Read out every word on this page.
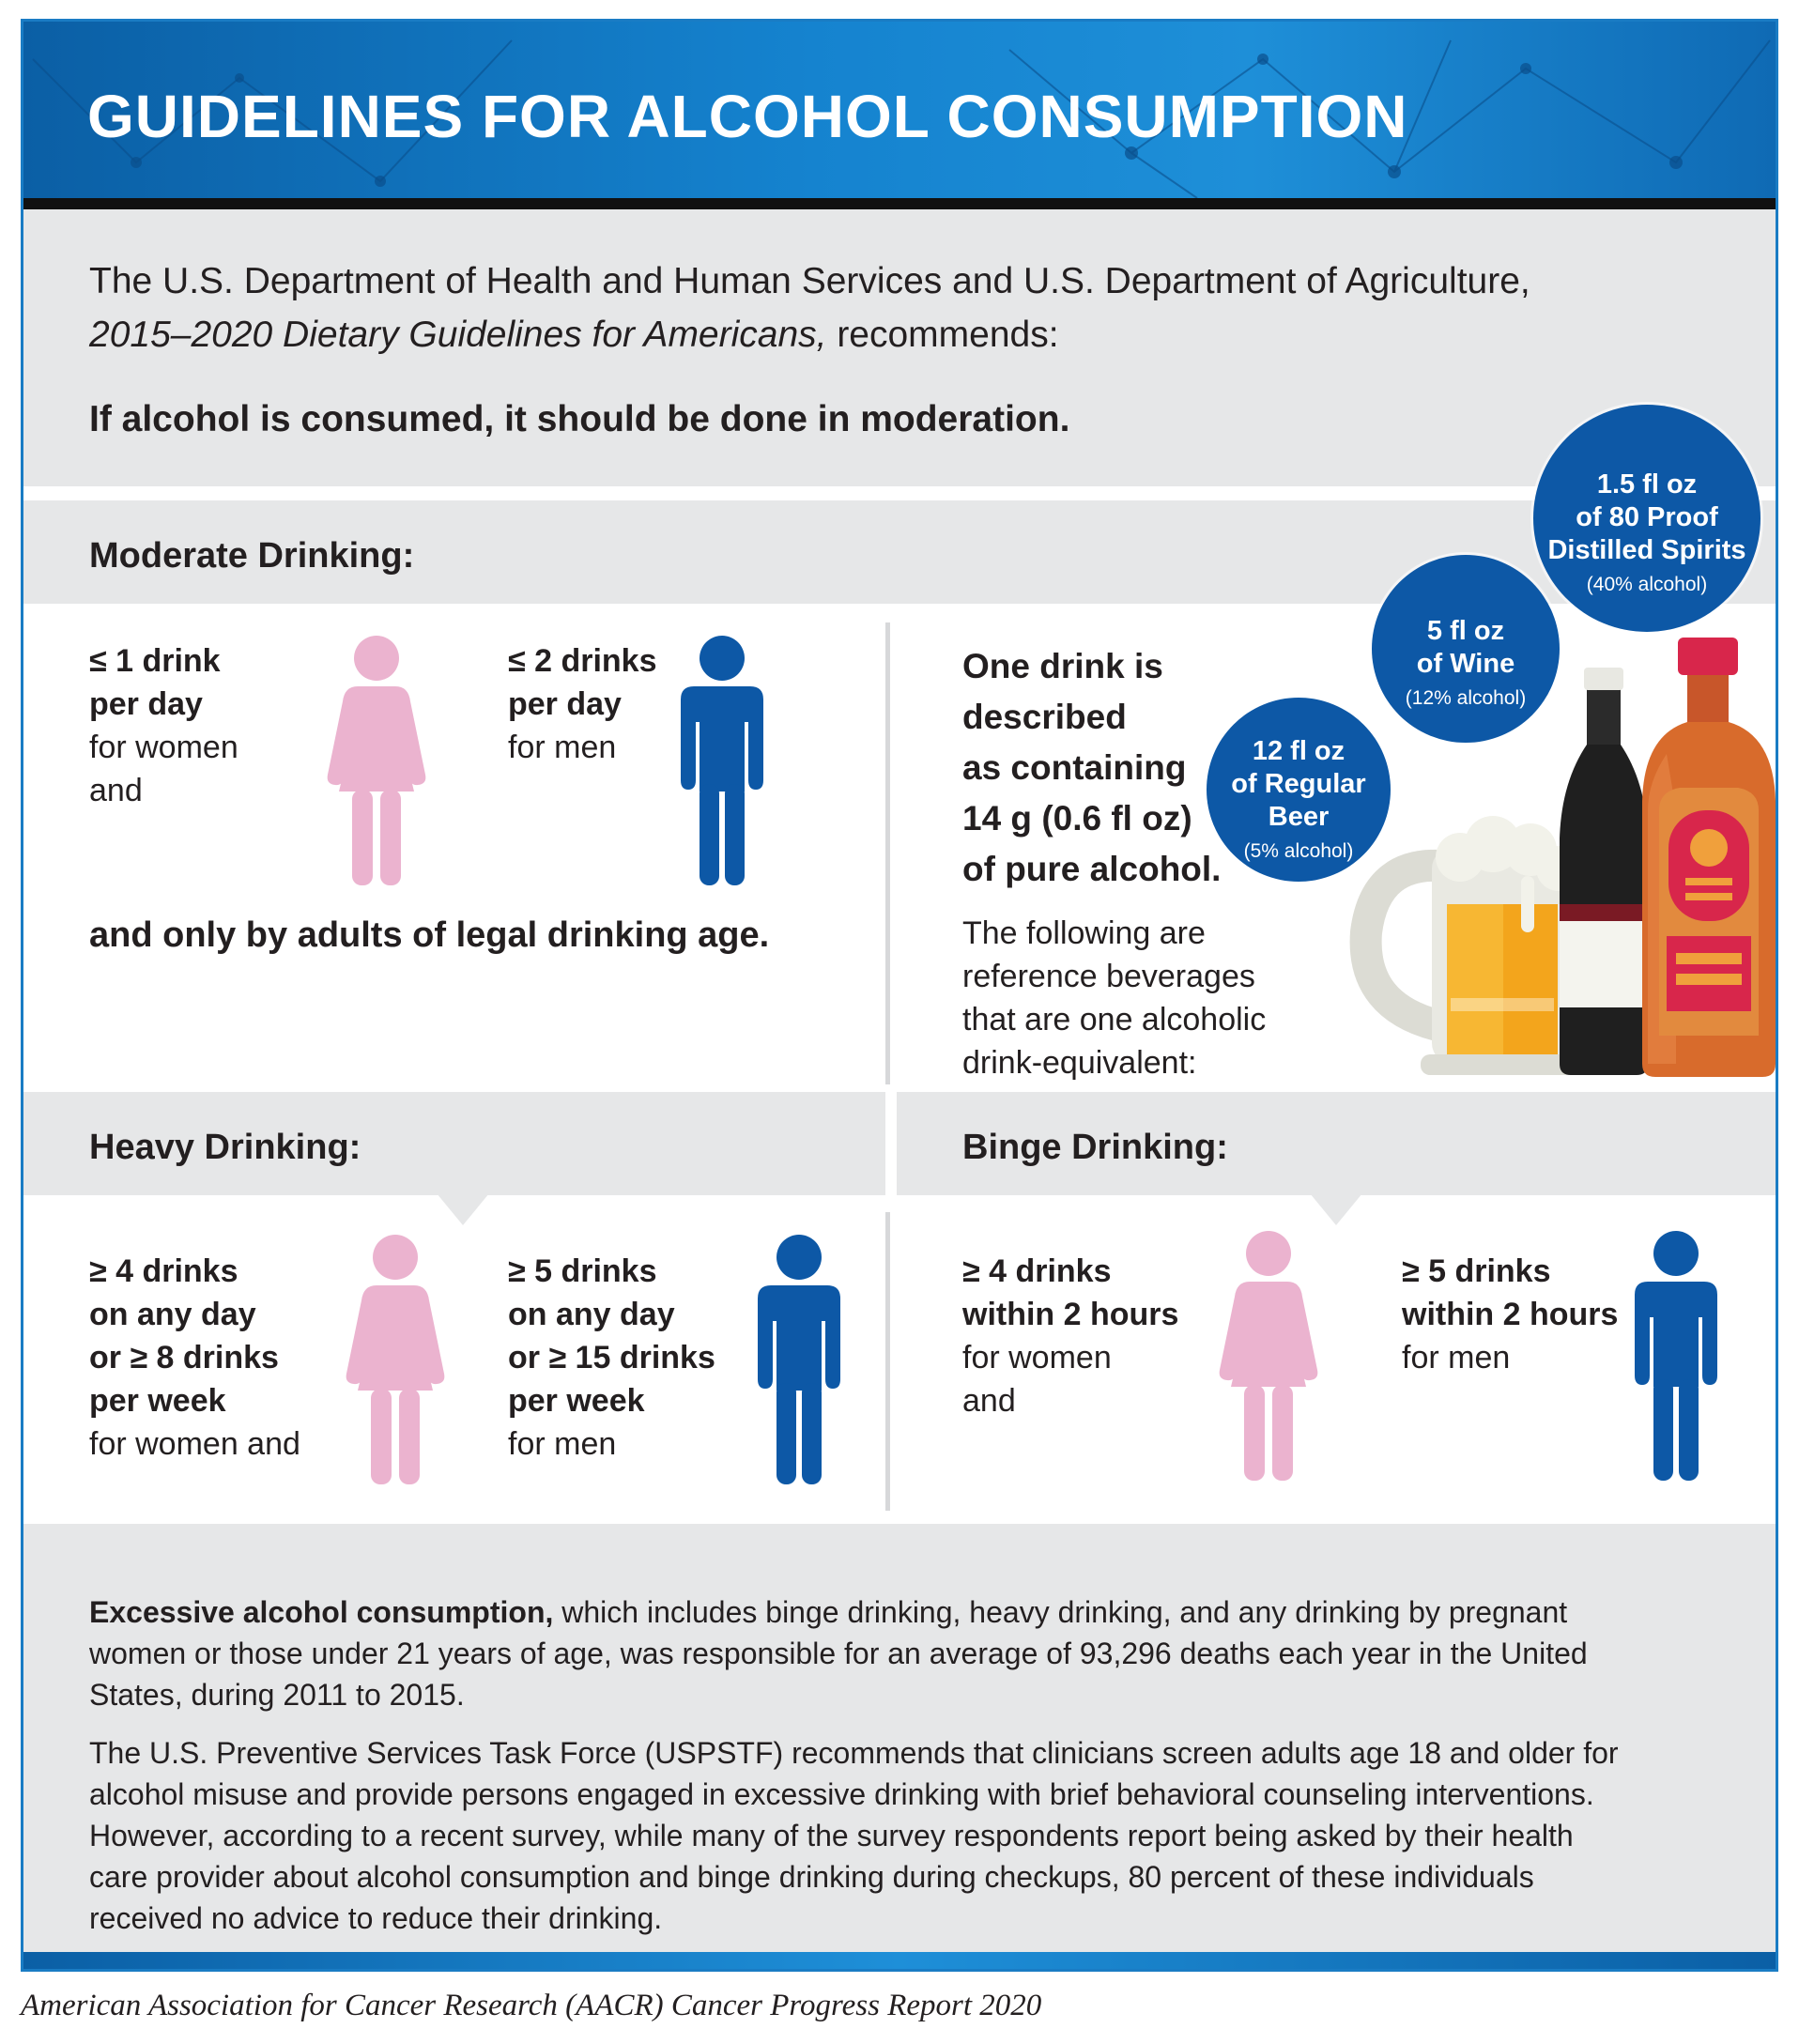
GUIDELINES FOR ALCOHOL CONSUMPTION
The U.S. Department of Health and Human Services and U.S. Department of Agriculture,
2015–2020 Dietary Guidelines for Americans, recommends:
If alcohol is consumed, it should be done in moderation.
Moderate Drinking:
≤ 1 drink
per day
for women
and
≤ 2 drinks
per day
for men
and only by adults of legal drinking age.
One drink is
described
as containing
14 g (0.6 fl oz)
of pure alcohol.
The following are
reference beverages
that are one alcoholic
drink-equivalent:
12 fl oz
of Regular
Beer
(5% alcohol)
5 fl oz
of Wine
(12% alcohol)
1.5 fl oz
of 80 Proof
Distilled Spirits
(40% alcohol)
Heavy Drinking:	Binge Drinking:
≥ 4 drinks
on any day
or ≥ 8 drinks
per week
for women and
≥ 5 drinks
on any day
or ≥ 15 drinks
per week
for men
≥ 4 drinks
within 2 hours
for women
and
≥ 5 drinks
within 2 hours
for men
Excessive alcohol consumption, which includes binge drinking, heavy drinking, and any drinking by pregnant
women or those under 21 years of age, was responsible for an average of 93,296 deaths each year in the United
States, during 2011 to 2015.
The U.S. Preventive Services Task Force (USPSTF) recommends that clinicians screen adults age 18 and older for
alcohol misuse and provide persons engaged in excessive drinking with brief behavioral counseling interventions.
However, according to a recent survey, while many of the survey respondents report being asked by their health
care provider about alcohol consumption and binge drinking during checkups, 80 percent of these individuals
received no advice to reduce their drinking.
American Association for Cancer Research (AACR) Cancer Progress Report 2020
